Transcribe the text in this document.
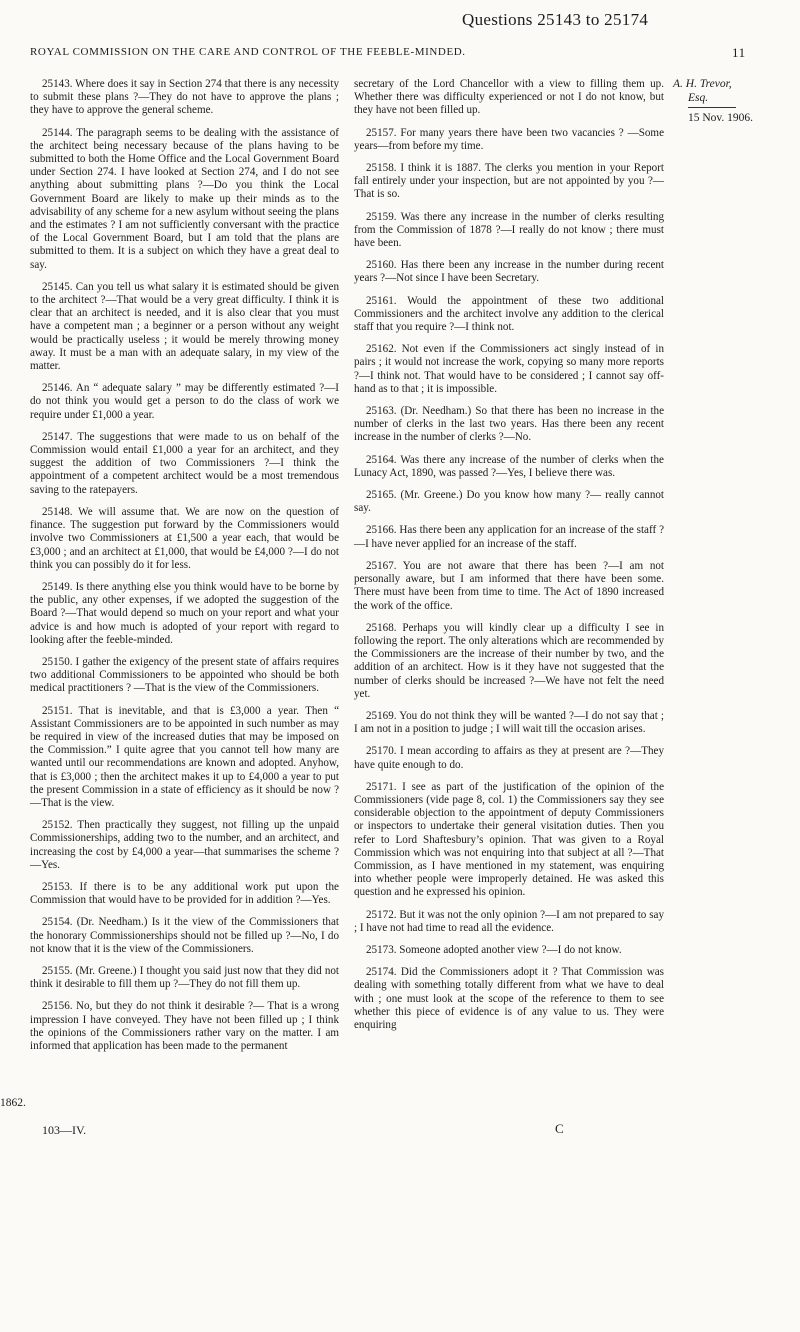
Questions 25143 to 25174
ROYAL COMMISSION ON THE CARE AND CONTROL OF THE FEEBLE-MINDED.	11
A. H. Trevor,
Esq.
15 Nov. 1906.
1862.

25143. Where does it say in Section 274 that there is any necessity to submit these plans ?—They do not have to approve the plans ; they have to approve the general scheme.

25144. The paragraph seems to be dealing with the assistance of the architect being necessary because of the plans having to be submitted to both the Home Office and the Local Government Board under Section 274. I have looked at Section 274, and I do not see anything about submitting plans ?—Do you think the Local Government Board are likely to make up their minds as to the advisability of any scheme for a new asylum without seeing the plans and the estimates ? I am not sufficiently conversant with the practice of the Local Government Board, but I am told that the plans are submitted to them. It is a subject on which they have a great deal to say.

25145. Can you tell us what salary it is estimated should be given to the architect ?—That would be a very great difficulty. I think it is clear that an architect is needed, and it is also clear that you must have a competent man ; a beginner or a person without any weight would be practically useless ; it would be merely throwing money away. It must be a man with an adequate salary, in my view of the matter.

25146. An “ adequate salary ” may be differently estimated ?—I do not think you would get a person to do the class of work we require under £1,000 a year.

25147. The suggestions that were made to us on behalf of the Commission would entail £1,000 a year for an architect, and they suggest the addition of two Commissioners ?—I think the appointment of a competent architect would be a most tremendous saving to the ratepayers.

25148. We will assume that. We are now on the question of finance. The suggestion put forward by the Commissioners would involve two Commissioners at £1,500 a year each, that would be £3,000 ; and an architect at £1,000, that would be £4,000 ?—I do not think you can possibly do it for less.

25149. Is there anything else you think would have to be borne by the public, any other expenses, if we adopted the suggestion of the Board ?—That would depend so much on your report and what your advice is and how much is adopted of your report with regard to looking after the feeble-minded.

25150. I gather the exigency of the present state of affairs requires two additional Commissioners to be appointed who should be both medical practitioners ? —That is the view of the Commissioners.

25151. That is inevitable, and that is £3,000 a year. Then “ Assistant Commissioners are to be appointed in such number as may be required in view of the increased duties that may be imposed on the Commission.” I quite agree that you cannot tell how many are wanted until our recommendations are known and adopted. Anyhow, that is £3,000 ; then the architect makes it up to £4,000 a year to put the present Commission in a state of efficiency as it should be now ?—That is the view.

25152. Then practically they suggest, not filling up the unpaid Commissionerships, adding two to the number, and an architect, and increasing the cost by £4,000 a year—that summarises the scheme ?—Yes.

25153. If there is to be any additional work put upon the Commission that would have to be provided for in addition ?—Yes.

25154. (Dr. Needham.) Is it the view of the Commissioners that the honorary Commissionerships should not be filled up ?—No, I do not know that it is the view of the Commissioners.

25155. (Mr. Greene.) I thought you said just now that they did not think it desirable to fill them up ?—They do not fill them up.

25156. No, but they do not think it desirable ?— That is a wrong impression I have conveyed. They have not been filled up ; I think the opinions of the Commissioners rather vary on the matter. I am informed that application has been made to the permanent

secretary of the Lord Chancellor with a view to filling them up. Whether there was difficulty experienced or not I do not know, but they have not been filled up.

25157. For many years there have been two vacancies ? —Some years—from before my time.

25158. I think it is 1887. The clerks you mention in your Report fall entirely under your inspection, but are not appointed by you ?—That is so.

25159. Was there any increase in the number of clerks resulting from the Commission of 1878 ?—I really do not know ; there must have been.

25160. Has there been any increase in the number during recent years ?—Not since I have been Secretary.

25161. Would the appointment of these two additional Commissioners and the architect involve any addition to the clerical staff that you require ?—I think not.

25162. Not even if the Commissioners act singly instead of in pairs ; it would not increase the work, copying so many more reports ?—I think not. That would have to be considered ; I cannot say off-hand as to that ; it is impossible.

25163. (Dr. Needham.) So that there has been no increase in the number of clerks in the last two years. Has there been any recent increase in the number of clerks ?—No.

25164. Was there any increase of the number of clerks when the Lunacy Act, 1890, was passed ?—Yes, I believe there was.

25165. (Mr. Greene.) Do you know how many ?— really cannot say.

25166. Has there been any application for an increase of the staff ?—I have never applied for an increase of the staff.

25167. You are not aware that there has been ?—I am not personally aware, but I am informed that there have been some. There must have been from time to time. The Act of 1890 increased the work of the office.

25168. Perhaps you will kindly clear up a difficulty I see in following the report. The only alterations which are recommended by the Commissioners are the increase of their number by two, and the addition of an architect. How is it they have not suggested that the number of clerks should be increased ?—We have not felt the need yet.

25169. You do not think they will be wanted ?—I do not say that ; I am not in a position to judge ; I will wait till the occasion arises.

25170. I mean according to affairs as they at present are ?—They have quite enough to do.

25171. I see as part of the justification of the opinion of the Commissioners (vide page 8, col. 1) the Commissioners say they see considerable objection to the appointment of deputy Commissioners or inspectors to undertake their general visitation duties. Then you refer to Lord Shaftesbury’s opinion. That was given to a Royal Commission which was not enquiring into that subject at all ?—That Commission, as I have mentioned in my statement, was enquiring into whether people were improperly detained. He was asked this question and he expressed his opinion.

25172. But it was not the only opinion ?—I am not prepared to say ; I have not had time to read all the evidence.

25173. Someone adopted another view ?—I do not know.

25174. Did the Commissioners adopt it ? That Commission was dealing with something totally different from what we have to deal with ; one must look at the scope of the reference to them to see whether this piece of evidence is of any value to us. They were enquiring

103—IV.	C
